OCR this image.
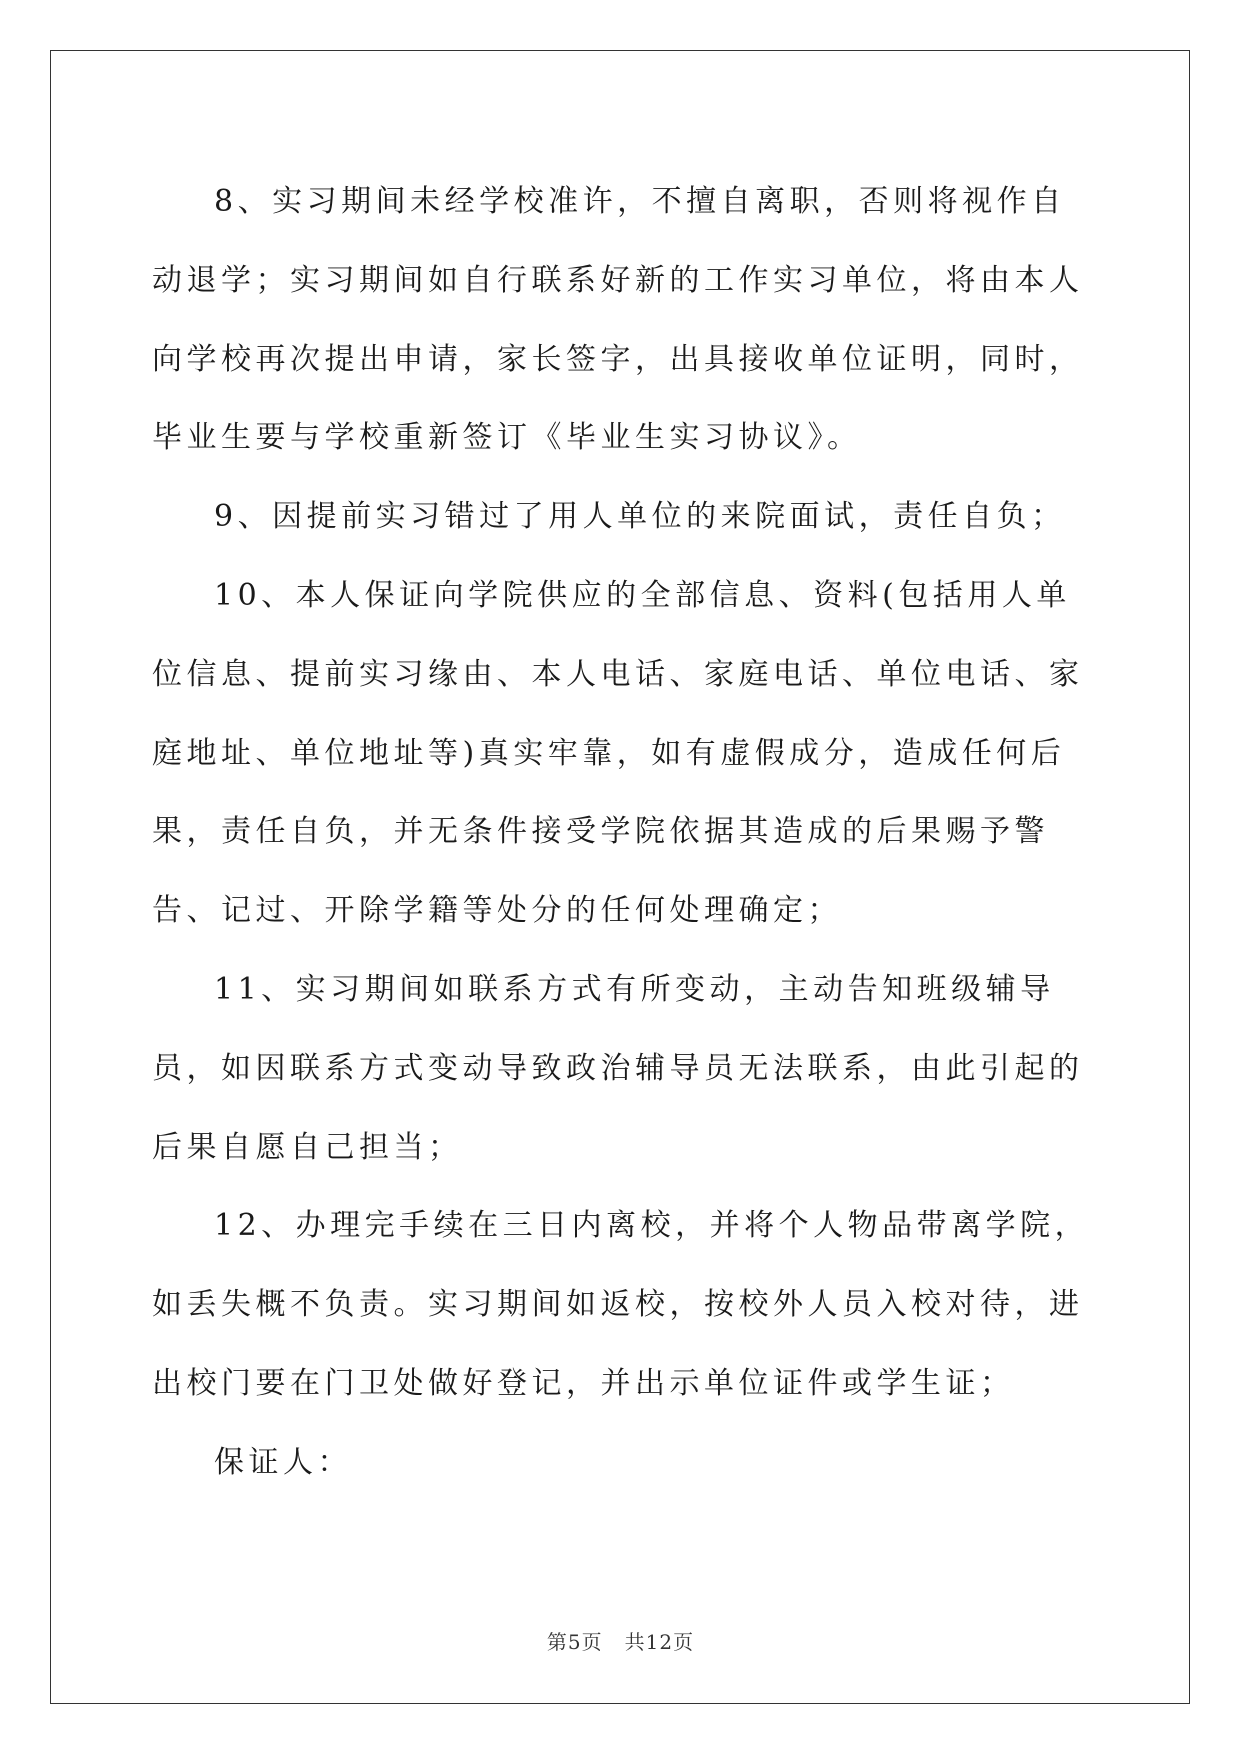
8、实习期间未经学校准许，不擅自离职，否则将视作自动退学；实习期间如自行联系好新的工作实习单位，将由本人向学校再次提出申请，家长签字，出具接收单位证明，同时，毕业生要与学校重新签订《毕业生实习协议》。

9、因提前实习错过了用人单位的来院面试，责任自负；

10、本人保证向学院供应的全部信息、资料(包括用人单位信息、提前实习缘由、本人电话、家庭电话、单位电话、家庭地址、单位地址等)真实牢靠，如有虚假成分，造成任何后果，责任自负，并无条件接受学院依据其造成的后果赐予警告、记过、开除学籍等处分的任何处理确定；

11、实习期间如联系方式有所变动，主动告知班级辅导员，如因联系方式变动导致政治辅导员无法联系，由此引起的后果自愿自己担当；

12、办理完手续在三日内离校，并将个人物品带离学院，如丢失概不负责。实习期间如返校，按校外人员入校对待，进出校门要在门卫处做好登记，并出示单位证件或学生证；

保证人：

第5页 共12页
